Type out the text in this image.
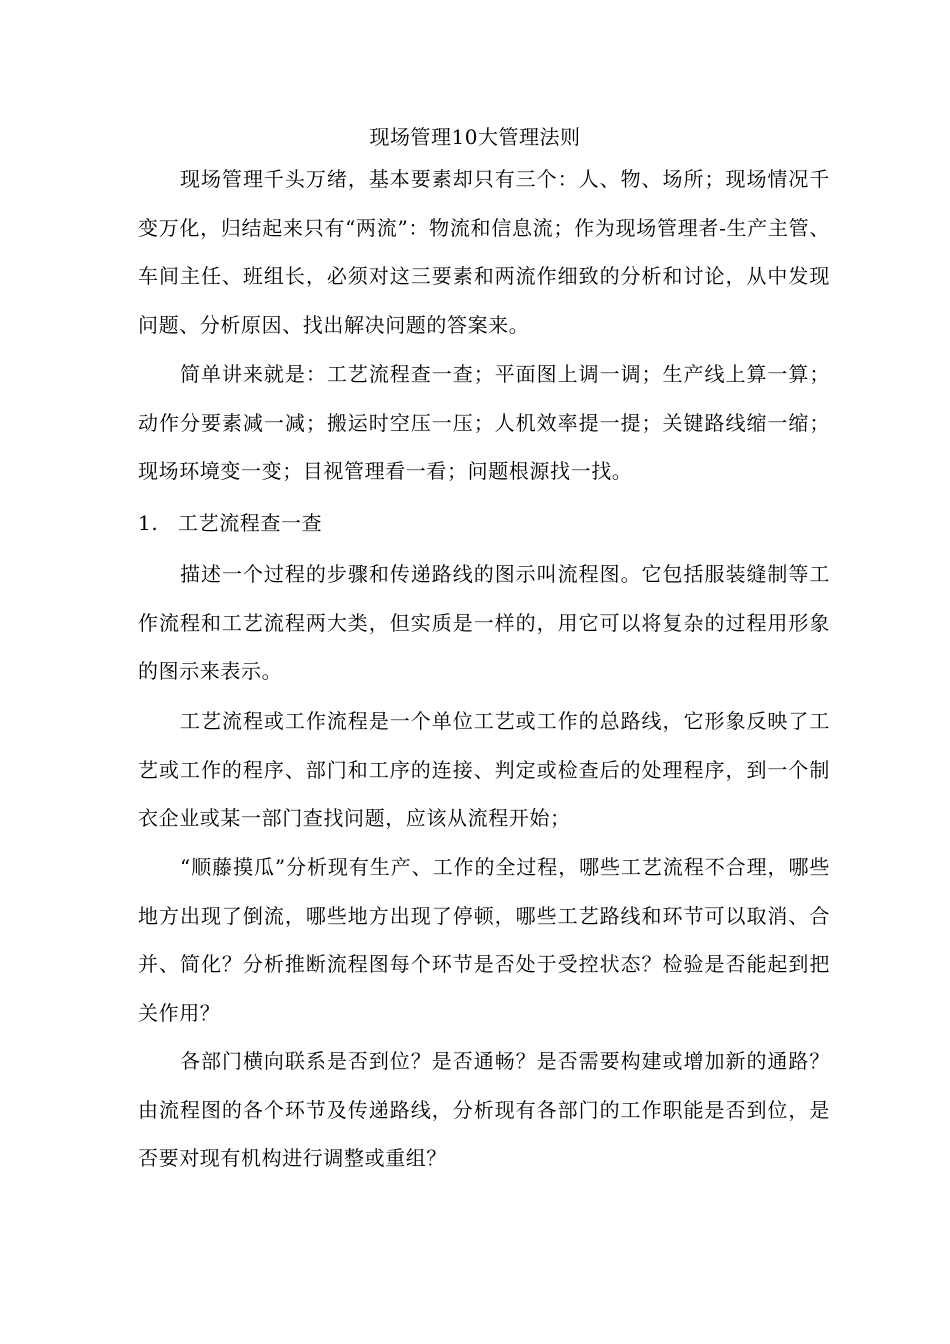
现场管理10大管理法则

现场管理千头万绪，基本要素却只有三个：人、物、场所；现场情况千变万化，归结起来只有“两流”：物流和信息流；作为现场管理者-生产主管、车间主任、班组长，必须对这三要素和两流作细致的分析和讨论，从中发现问题、分析原因、找出解决问题的答案来。

简单讲来就是：工艺流程查一查；平面图上调一调；生产线上算一算；动作分要素减一减；搬运时空压一压；人机效率提一提；关键路线缩一缩；现场环境变一变；目视管理看一看；问题根源找一找。

1. 工艺流程查一查

描述一个过程的步骤和传递路线的图示叫流程图。它包括服装缝制等工作流程和工艺流程两大类，但实质是一样的，用它可以将复杂的过程用形象的图示来表示。

工艺流程或工作流程是一个单位工艺或工作的总路线，它形象反映了工艺或工作的程序、部门和工序的连接、判定或检查后的处理程序，到一个制衣企业或某一部门查找问题，应该从流程开始；

“顺藤摸瓜”分析现有生产、工作的全过程，哪些工艺流程不合理，哪些地方出现了倒流，哪些地方出现了停顿，哪些工艺路线和环节可以取消、合并、简化？分析推断流程图每个环节是否处于受控状态？检验是否能起到把关作用？

各部门横向联系是否到位？是否通畅？是否需要构建或增加新的通路？由流程图的各个环节及传递路线，分析现有各部门的工作职能是否到位，是否要对现有机构进行调整或重组？
